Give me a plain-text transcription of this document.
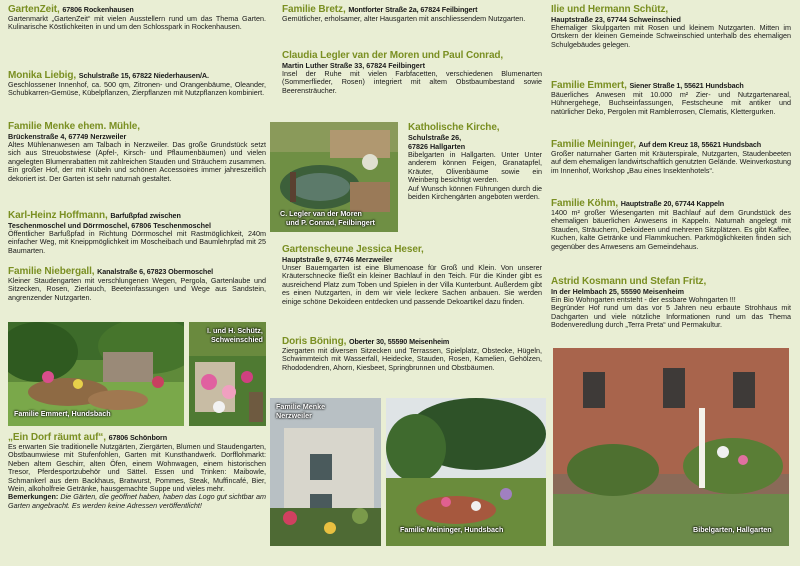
GartenZeit, 67806 Rockenhausen
Gartenmarkt „GartenZeit“ mit vielen Ausstellern rund um das Thema Garten. Kulinarische Köstlichkeiten in und um den Schlosspark in Rockenhausen.
Monika Liebig, Schulstraße 15, 67822 Niederhausen/A.
Geschlossener Innenhof, ca. 500 qm, Zitronen- und Orangenbäume, Oleander, Schubkarren-Gemüse, Kübelpflanzen, Zierpflanzen mit Nutzpflanzen kombiniert.
Familie Menke ehem. Mühle,
Brückenstraße 4, 67749 Nerzweiler
Altes Mühlenanwesen am Talbach in Nerzweiler. Das große Grundstück setzt sich aus Streuobstwiese (Apfel-, Kirsch- und Pflaumenbäumen) und vielen angelegten Blumenrabatten mit zahlreichen Stauden und Sträuchern zusammen. Ein großer Hof, der mit Kübeln und schönen Accessoires immer jahreszeitlich dekoriert ist. Der Garten ist sehr naturnah gestaltet.
Karl-Heinz Hoffmann, Barfußpfad zwischen
Teschenmoschel und Dörrmoschel, 67806 Teschenmoschel
Öffentlicher Barfußpfad in Richtung Dörrmoschel mit Rastmöglichkeit, 240m einfacher Weg, mit Kneippmöglichkeit im Moscheibach und Baumlehrpfad mit 25 Baumarten.
Familie Niebergall, Kanalstraße 6, 67823 Obermoschel
Kleiner Staudengarten mit verschlungenen Wegen, Pergola, Gartenlaube und Sitzecken, Rosen, Zierlauch, Beeteinfassungen und Wege aus Sandstein, angrenzender Nutzgarten.
Familie Emmert, Hundsbach
I. und H. Schütz,
Schweinschied
„Ein Dorf räumt auf“, 67806 Schönborn
Es erwarten Sie traditionelle Nutzgärten, Ziergärten, Blumen und Staudengarten, Obstbaumwiese mit Stufenfohlen, Garten mit Kunsthandwerk. Dorfflohmarkt: Neben altem Geschirr, alten Öfen, einem Wohnwagen, einem historischen Tresor, Pferdesportzubehör und Sättel. Essen und Trinken: Maibowle, Schmankerl aus dem Backhaus, Bratwurst, Pommes, Steak, Muffincafé, Bier, Wein, alkoholfreie Getränke, hausgemachte Suppe und vieles mehr.
Bemerkungen: Die Gärten, die geöffnet haben, haben das Logo gut sichtbar am Garten angebracht. Es werden keine Adressen veröffentlicht!
Familie Bretz, Montforter Straße 2a, 67824 Feilbingert
Gemütlicher, erholsamer, alter Hausgarten mit anschliessendem Nutzgarten.
Claudia Legler van der Moren und Paul Conrad,
Martin Luther Straße 33, 67824 Feilbingert
Insel der Ruhe mit vielen Farbfacetten, verschiedenen Blumenarten (Sommerflieder, Rosen) integriert mit altem Obstbaumbestand sowie Beerensträucher.
C. Legler van der Moren
und P. Conrad, Feilbingert
Katholische Kirche,
Schulstraße 26,
67826 Hallgarten
Bibelgarten in Hallgarten. Unter Unter anderem können Feigen, Granatapfel, Kräuter, Olivenbäume sowie ein Weinberg besichtigt werden.
Auf Wunsch können Führungen durch die beiden Kirchengärten angeboten werden.
Gartenscheune Jessica Heser,
Hauptstraße 9, 67746 Merzweiler
Unser Bauerngarten ist eine Blumenoase für Groß und Klein. Von unserer Kräuterschnecke fließt ein kleiner Bachlauf in den Teich. Für die Kinder gibt es ausreichend Platz zum Toben und Spielen in der Villa Kunterbunt. Außerdem gibt es einen Nutzgarten, in dem wir viele leckere Sachen anbauen. Sie werden einige schöne Dekoideen entdecken und passende Dekoartikel dazu finden.
Doris Böning, Oberter 30, 55590 Meisenheim
Ziergarten mit diversen Sitzecken und Terrassen, Spielplatz, Obstecke, Hügeln, Schwimmteich mit Wasserfall, Heidecke, Stauden, Rosen, Kamelien, Gehölzen, Rhododendren, Ahorn, Kiesbeet, Springbrunnen und Obstbäumen.
Familie Menke
Nerzweiler
Familie Meininger, Hundsbach
Ilie und Hermann Schütz,
Hauptstraße 23, 67744 Schweinschied
Ehemaliger Skulpgarten mit Rosen und kleinem Nutzgarten. Mitten im Ortskern der kleinen Gemeinde Schweinschied unterhalb des ehemaligen Schulgebäudes gelegen.
Familie Emmert, Siener Straße 1, 55621 Hundsbach
Bäuerliches Anwesen mit 10.000 m² Zier- und Nutzgartenareal, Hühnergehege, Buchseinfassungen, Festscheune mit antiker und natürlicher Deko, Pergolen mit Ramblerrosen, Clematis, Klettergurken.
Familie Meininger, Auf dem Kreuz 18, 55621 Hundsbach
Großer naturnaher Garten mit Kräuterspirale, Nutzgarten, Staudenbeeten auf dem ehemaligen landwirtschaftlich genutzten Gelände. Weinverkostung im Innenhof, Workshop „Bau eines Insektenhotels“.
Familie Köhm, Hauptstraße 20, 67744 Kappeln
1400 m² großer Wiesengarten mit Bachlauf auf dem Grundstück des ehemaligen bäuerlichen Anwesens in Kappeln. Naturnah angelegt mit Stauden, Sträuchern, Dekoideen und mehreren Sitzplätzen. Es gibt Kaffee, Kuchen, kalte Getränke und Flammkuchen. Parkmöglichkeiten finden sich gegenüber des Anwesens am Gemeindehaus.
Astrid Kosmann und Stefan Fritz,
In der Helmbach 25, 55590 Meisenheim
Ein Bio Wohngarten entsteht - der essbare Wohngarten !!!
Begründer Hof rund um das vor 5 Jahren neu erbaute Strohhaus mit Dachgarten und viele nützliche Informationen rund um das Thema Bodenveredlung durch „Terra Preta“ und Permakultur.
Bibelgarten, Hallgarten
